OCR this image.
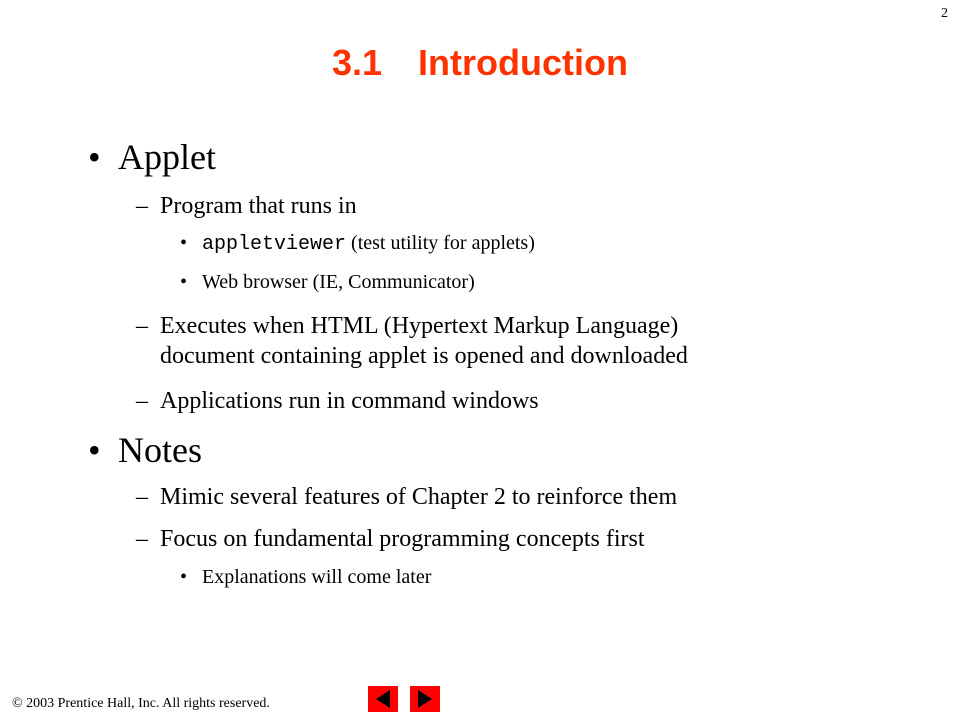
2
3.1 Introduction
• Applet
– Program that runs in
• appletviewer (test utility for applets)
• Web browser (IE, Communicator)
– Executes when HTML (Hypertext Markup Language)
document containing applet is opened and downloaded
– Applications run in command windows
• Notes
– Mimic several features of Chapter 2 to reinforce them
– Focus on fundamental programming concepts first
• Explanations will come later
© 2003 Prentice Hall, Inc. All rights reserved.
